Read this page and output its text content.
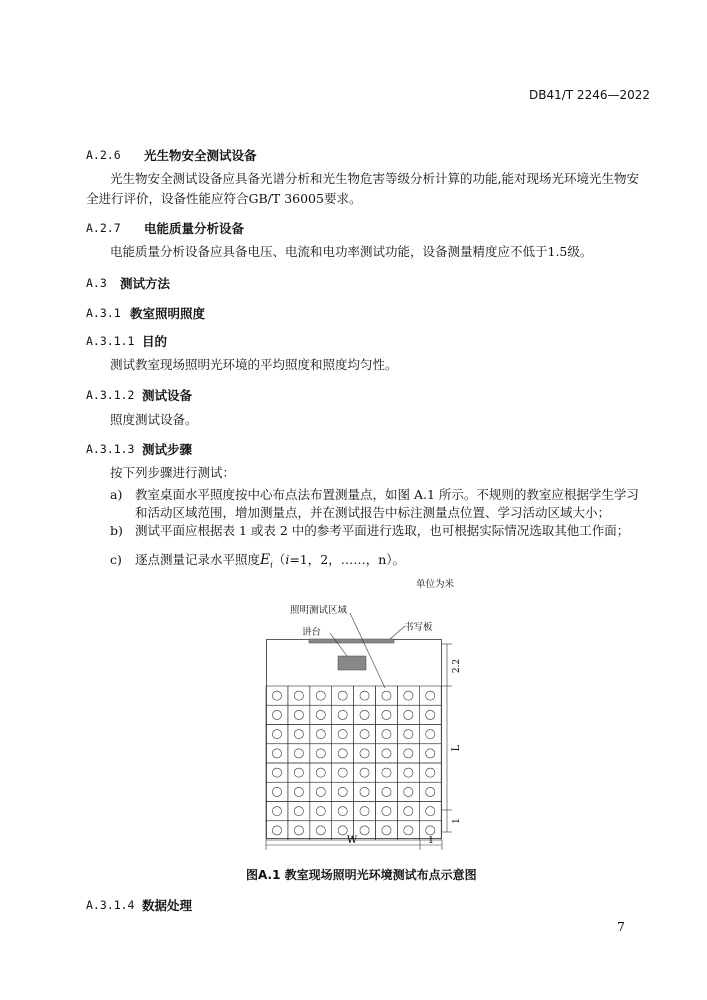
DB41/T 2246—2022
A.2.6 光生物安全测试设备
光生物安全测试设备应具备光谱分析和光生物危害等级分析计算的功能,能对现场光环境光生物安
全进行评价，设备性能应符合GB/T 36005要求。
A.2.7 电能质量分析设备
电能质量分析设备应具备电压、电流和电功率测试功能，设备测量精度应不低于1.5级。
A.3 测试方法
A.3.1 教室照明照度
A.3.1.1 目的
测试教室现场照明光环境的平均照度和照度均匀性。
A.3.1.2 测试设备
照度测试设备。
A.3.1.3 测试步骤
按下列步骤进行测试：
a) 教室桌面水平照度按中心布点法布置测量点，如图 A.1 所示。不规则的教室应根据学生学习
和活动区域范围，增加测量点，并在测试报告中标注测量点位置、学习活动区域大小；
b) 测试平面应根据表 1 或表 2 中的参考平面进行选取，也可根据实际情况选取其他工作面；
c) 逐点测量记录水平照度$E_i(i=1$，2，……，n）。
单位为米
2.2
L
1
W	1
照明测试区域
讲台	书写板
图A.1 教室现场照明光环境测试布点示意图
A.3.1.4 数据处理
7
